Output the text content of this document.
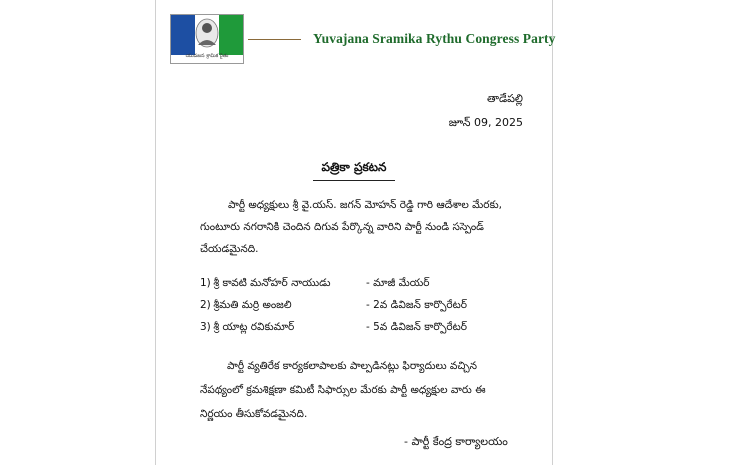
యువజన శ్రామిక రైతు
Yuvajana Sramika Rythu Congress Party
తాడేపల్లి
జూన్ 09, 2025
పత్రికా ప్రకటన
పార్టీ అధ్యక్షులు శ్రీ వై.యస్. జగన్ మోహన్ రెడ్డి గారి ఆదేశాల మేరకు,
గుంటూరు నగరానికి చెందిన దిగువ పేర్కొన్న వారిని పార్టీ నుండి సస్పెండ్
చేయడమైనది.
1) శ్రీ కావటి మనోహర్ నాయుడు	- మాజీ మేయర్
2) శ్రీమతి మర్రి అంజలి	- 2వ డివిజన్ కార్పొరేటర్
3) శ్రీ యాట్ల రవికుమార్	- 5వ డివిజన్ కార్పొరేటర్
పార్టీ వ్యతిరేక కార్యకలాపాలకు పాల్పడినట్లు ఫిర్యాదులు వచ్చిన
నేపథ్యంలో క్రమశిక్షణా కమిటీ సిఫార్సుల మేరకు పార్టీ అధ్యక్షుల వారు ఈ
నిర్ణయం తీసుకోవడమైనది.
- పార్టీ కేంద్ర కార్యాలయం
